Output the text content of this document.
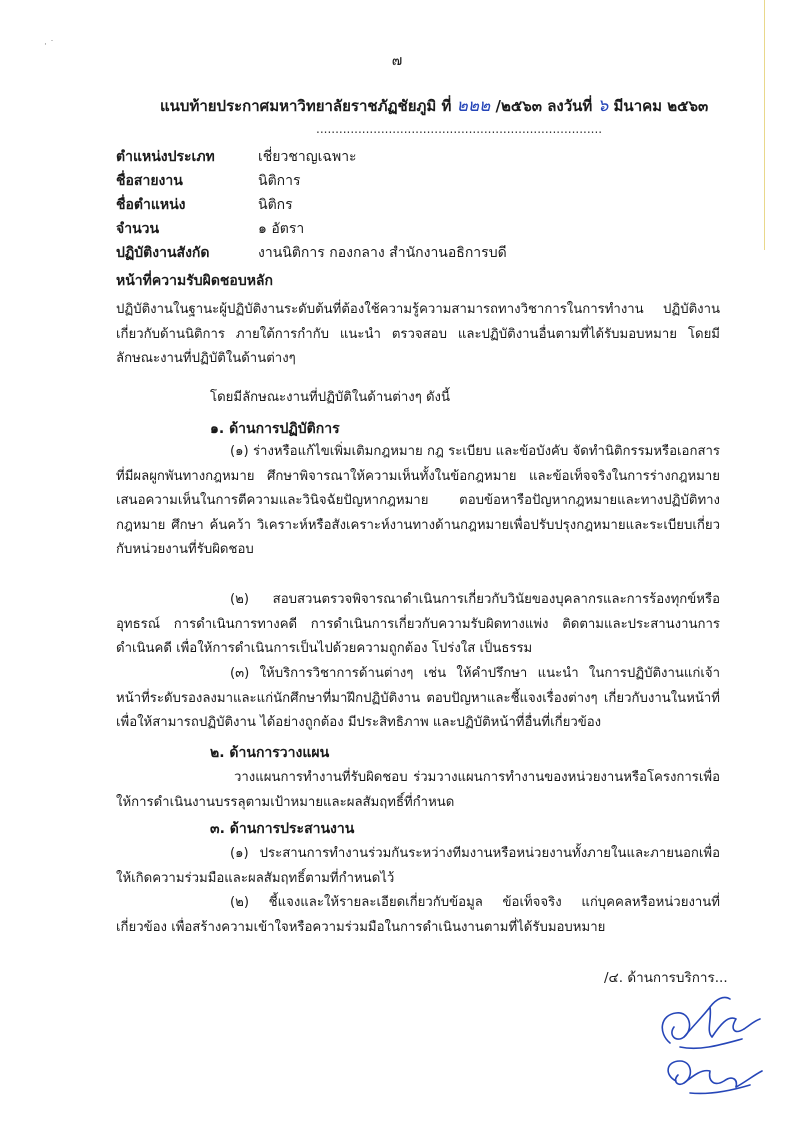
· ˙
๗
แนบท้ายประกาศมหาวิทยาลัยราชภัฏชัยภูมิ ที่ ๒๒๒ /๒๕๖๓ ลงวันที่ ๖ มีนาคม ๒๕๖๓
...........................................................................
ตำแหน่งประเภท	เชี่ยวชาญเฉพาะ
ชื่อสายงาน	นิติการ
ชื่อตำแหน่ง	นิติกร
จำนวน	๑ อัตรา
ปฏิบัติงานสังกัด	งานนิติการ กองกลาง สำนักงานอธิการบดี
หน้าที่ความรับผิดชอบหลัก
ปฏิบัติงานในฐานะผู้ปฏิบัติงานระดับต้นที่ต้องใช้ความรู้ความสามารถทางวิชาการในการทำงาน ปฏิบัติงานเกี่ยวกับด้านนิติการ ภายใต้การกำกับ แนะนำ ตรวจสอบ และปฏิบัติงานอื่นตามที่ได้รับมอบหมาย โดยมีลักษณะงานที่ปฏิบัติในด้านต่างๆ
โดยมีลักษณะงานที่ปฏิบัติในด้านต่างๆ ดังนี้
๑. ด้านการปฏิบัติการ
(๑) ร่างหรือแก้ไขเพิ่มเติมกฎหมาย กฎ ระเบียบ และข้อบังคับ จัดทำนิติกรรมหรือเอกสารที่มีผลผูกพันทางกฎหมาย ศึกษาพิจารณาให้ความเห็นทั้งในข้อกฎหมาย และข้อเท็จจริงในการร่างกฎหมาย เสนอความเห็นในการตีความและวินิจฉัยปัญหากฎหมาย ตอบข้อหารือปัญหากฎหมายและทางปฏิบัติทางกฎหมาย ศึกษา ค้นคว้า วิเคราะห์หรือสังเคราะห์งานทางด้านกฎหมายเพื่อปรับปรุงกฎหมายและระเบียบเกี่ยวกับหน่วยงานที่รับผิดชอบ
(๒) สอบสวนตรวจพิจารณาดำเนินการเกี่ยวกับวินัยของบุคลากรและการร้องทุกข์หรืออุทธรณ์ การดำเนินการทางคดี การดำเนินการเกี่ยวกับความรับผิดทางแพ่ง ติดตามและประสานงานการดำเนินคดี เพื่อให้การดำเนินการเป็นไปด้วยความถูกต้อง โปร่งใส เป็นธรรม
(๓) ให้บริการวิชาการด้านต่างๆ เช่น ให้คำปรึกษา แนะนำ ในการปฏิบัติงานแก่เจ้าหน้าที่ระดับรองลงมาและแก่นักศึกษาที่มาฝึกปฏิบัติงาน ตอบปัญหาและชี้แจงเรื่องต่างๆ เกี่ยวกับงานในหน้าที่เพื่อให้สามารถปฏิบัติงาน ได้อย่างถูกต้อง มีประสิทธิภาพ และปฏิบัติหน้าที่อื่นที่เกี่ยวข้อง
๒. ด้านการวางแผน
วางแผนการทำงานที่รับผิดชอบ ร่วมวางแผนการทำงานของหน่วยงานหรือโครงการเพื่อให้การดำเนินงานบรรลุตามเป้าหมายและผลสัมฤทธิ์ที่กำหนด
๓. ด้านการประสานงาน
(๑) ประสานการทำงานร่วมกันระหว่างทีมงานหรือหน่วยงานทั้งภายในและภายนอกเพื่อให้เกิดความร่วมมือและผลสัมฤทธิ์ตามที่กำหนดไว้
(๒) ชี้แจงและให้รายละเอียดเกี่ยวกับข้อมูล ข้อเท็จจริง แก่บุคคลหรือหน่วยงานที่เกี่ยวข้อง เพื่อสร้างความเข้าใจหรือความร่วมมือในการดำเนินงานตามที่ได้รับมอบหมาย
/๔. ด้านการบริการ...
